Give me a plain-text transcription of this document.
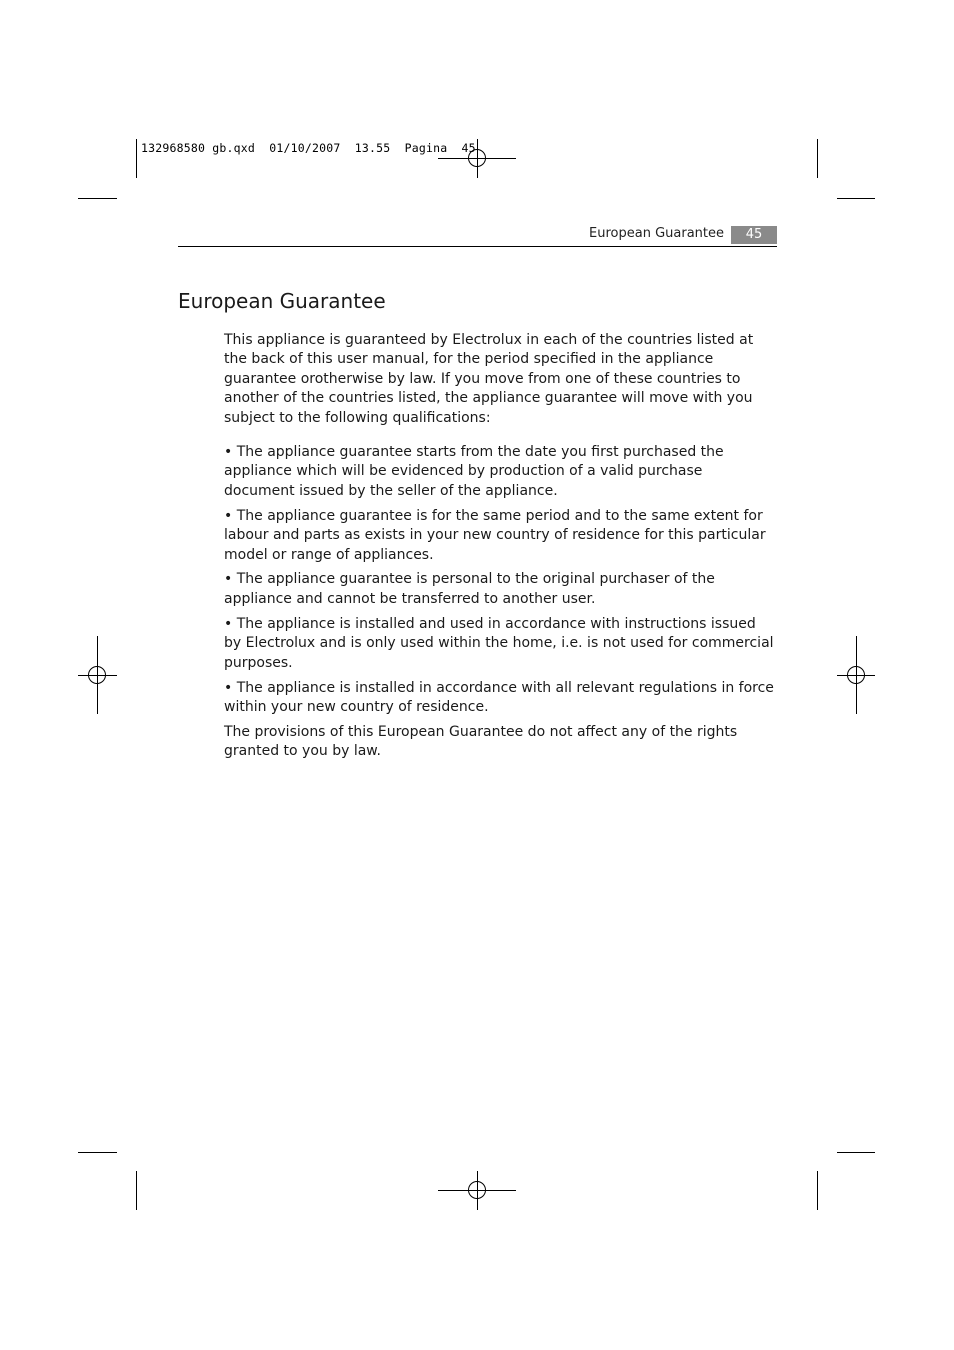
132968580 gb.qxd  01/10/2007  13.55  Pagina  45
European Guarantee	45
European Guarantee

This appliance is guaranteed by Electrolux in each of the countries listed at the back of this user manual, for the period specified in the appliance guarantee orotherwise by law. If you move from one of these countries to another of the countries listed, the appliance guarantee will move with you subject to the following qualifications:

• The appliance guarantee starts from the date you first purchased the appliance which will be evidenced by production of a valid purchase document issued by the seller of the appliance.

• The appliance guarantee is for the same period and to the same extent for labour and parts as exists in your new country of residence for this particular model or range of appliances.

• The appliance guarantee is personal to the original purchaser of the appliance and cannot be transferred to another user.

• The appliance is installed and used in accordance with instructions issued by Electrolux and is only used within the home, i.e. is not used for commercial purposes.

• The appliance is installed in accordance with all relevant regulations in force within your new country of residence.

The provisions of this European Guarantee do not affect any of the rights granted to you by law.
